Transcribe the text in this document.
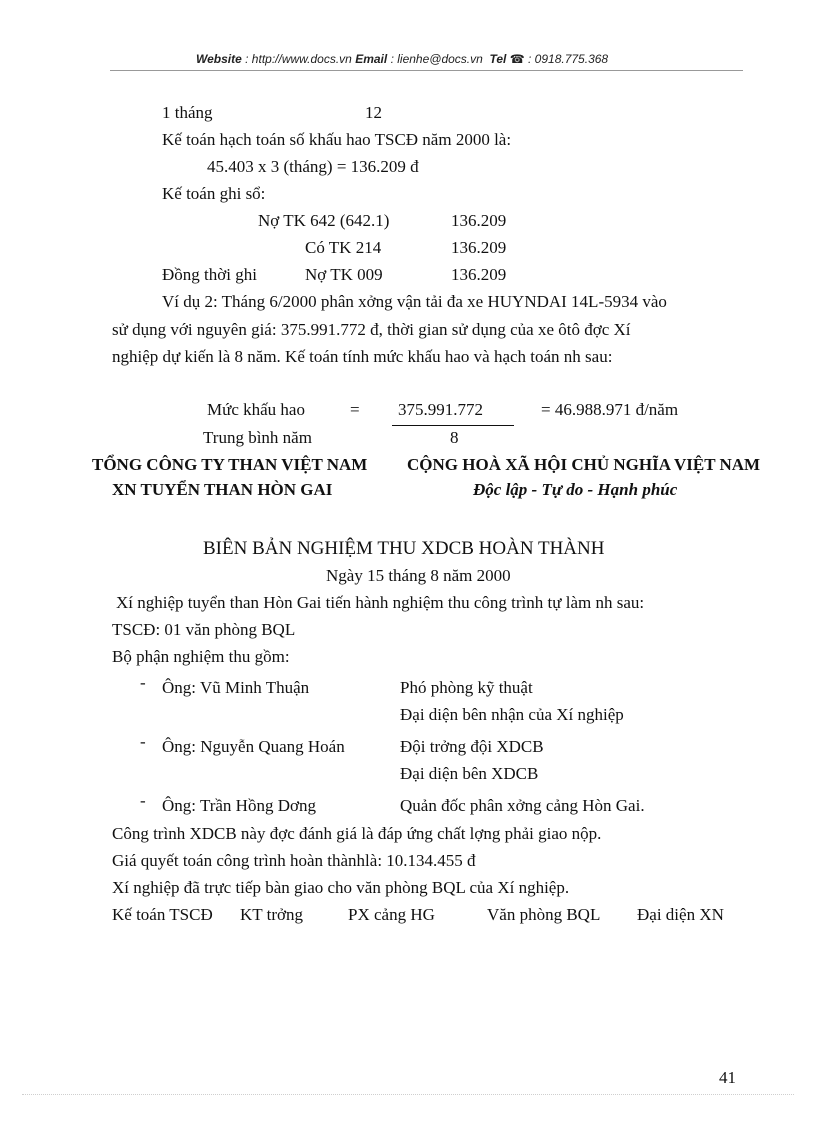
Website : http://www.docs.vn Email : lienhe@docs.vn Tel ☎ : 0918.775.368
1 tháng	12
Kế toán hạch toán số khấu hao TSCĐ năm 2000 là:
45.403 x 3 (tháng) = 136.209 đ
Kế toán ghi sổ:
Nợ TK 642 (642.1)	136.209
Có TK 214	136.209
Đồng thời ghi	Nợ TK 009	136.209
Ví dụ 2: Tháng 6/2000 phân xởng vận tải đa xe HUYNDAI 14L-5934 vào
sử dụng với nguyên giá: 375.991.772 đ, thời gian sử dụng của xe ôtô đợc Xí
nghiệp dự kiến là 8 năm. Kế toán tính mức khấu hao và hạch toán nh sau:
Mức khấu hao	= 375.991.772	= 46.988.971 đ/năm
Trung bình năm	8
TỔNG CÔNG TY THAN VIỆT NAM CỘNG HOÀ XÃ HỘI CHỦ NGHĨA VIỆT NAM
XN TUYỂN THAN HÒN GAI	Độc lập - Tự do - Hạnh phúc
BIÊN BẢN NGHIỆM THU XDCB HOÀN THÀNH
Ngày 15 tháng 8 năm 2000
Xí nghiệp tuyển than Hòn Gai tiến hành nghiệm thu công trình tự làm nh sau:
TSCĐ: 01 văn phòng BQL
Bộ phận nghiệm thu gồm:
- Ông: Vũ Minh Thuận	Phó phòng kỹ thuật
Đại diện bên nhận của Xí nghiệp
- Ông: Nguyễn Quang Hoán	Đội trởng đội XDCB
Đại diện bên XDCB
- Ông: Trần Hồng Dơng	Quản đốc phân xởng cảng Hòn Gai.
Công trình XDCB này đợc đánh giá là đáp ứng chất lợng phải giao nộp.
Giá quyết toán công trình hoàn thànhlà: 10.134.455 đ
Xí nghiệp đã trực tiếp bàn giao cho văn phòng BQL của Xí nghiệp.
Kế toán TSCĐ KT trởng	PX cảng HG	Văn phòng BQL Đại diện XN
41
